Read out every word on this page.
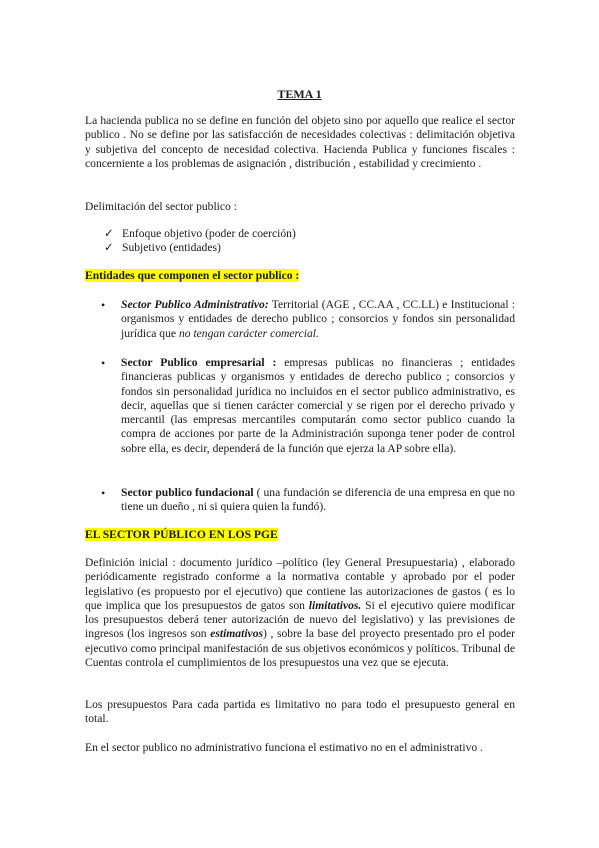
TEMA 1

La hacienda publica no se define en función del objeto sino por aquello que realice el sector publico . No se define por las satisfacción de necesidades colectivas : delimitación objetiva y subjetiva del concepto de necesidad colectiva. Hacienda Publica y funciones fiscales : concerniente a los problemas de asignación , distribución , estabilidad y crecimiento .

Delimitación del sector publico :

✓ Enfoque objetivo (poder de coerción)
✓ Subjetivo (entidades)

Entidades que componen el sector publico :

• Sector Publico Administrativo: Territorial (AGE , CC.AA , CC.LL) e Institucional : organismos y entidades de derecho publico ; consorcios y fondos sin personalidad jurídica que no tengan carácter comercial.

• Sector Publico empresarial : empresas publicas no financieras ; entidades financieras publicas y organismos y entidades de derecho publico ; consorcios y fondos sin personalidad jurídica no incluidos en el sector publico administrativo, es decir, aquellas que si tienen carácter comercial y se rigen por el derecho privado y mercantil (las empresas mercantiles computarán como sector publico cuando la compra de acciones por parte de la Administración suponga tener poder de control sobre ella, es decir, dependerá de la función que ejerza la AP sobre ella).

• Sector publico fundacional ( una fundación se diferencia de una empresa en que no tiene un dueño , ni si quiera quien la fundó).

EL SECTOR PÚBLICO EN LOS PGE

Definición inicial : documento jurídico –político (ley General Presupuestaria) , elaborado periódicamente registrado conforme a la normativa contable y aprobado por el poder legislativo (es propuesto por el ejecutivo) que contiene las autorizaciones de gastos ( es lo que implica que los presupuestos de gatos son limitativos. Si el ejecutivo quiere modificar los presupuestos deberá tener autorización de nuevo del legislativo) y las previsiones de ingresos (los ingresos son estimativos) , sobre la base del proyecto presentado pro el poder ejecutivo como principal manifestación de sus objetivos económicos y políticos. Tribunal de Cuentas controla el cumplimientos de los presupuestos una vez que se ejecuta.

Los presupuestos Para cada partida es limitativo no para todo el presupuesto general en total.

En el sector publico no administrativo funciona el estimativo no en el administrativo .
